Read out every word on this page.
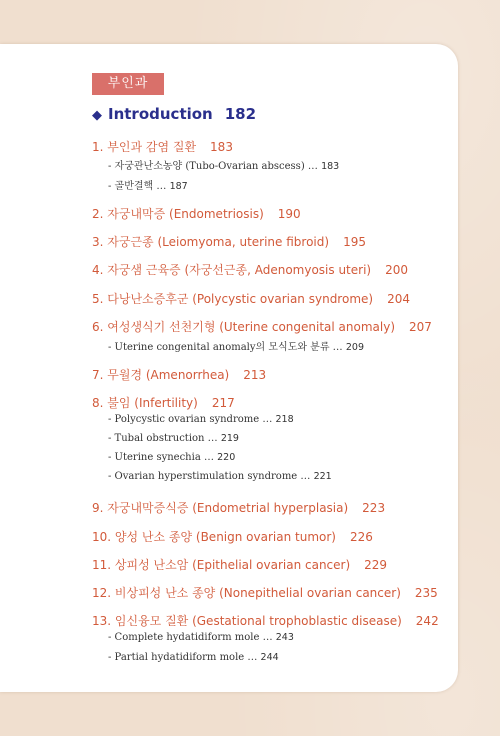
부인과
◆ Introduction 182
1. 부인과 감염 질환 183
- 자궁관난소농양 (Tubo-Ovarian abscess) … 183
- 골반결핵 … 187
2. 자궁내막증 (Endometriosis) 190
3. 자궁근종 (Leiomyoma, uterine fibroid) 195
4. 자궁샘 근육증 (자궁선근종, Adenomyosis uteri) 200
5. 다낭난소증후군 (Polycystic ovarian syndrome) 204
6. 여성생식기 선천기형 (Uterine congenital anomaly) 207
- Uterine congenital anomaly의 모식도와 분류 … 209
7. 무월경 (Amenorrhea) 213
8. 불임 (Infertility) 217
- Polycystic ovarian syndrome … 218
- Tubal obstruction … 219
- Uterine synechia … 220
- Ovarian hyperstimulation syndrome … 221
9. 자궁내막증식증 (Endometrial hyperplasia) 223
10. 양성 난소 종양 (Benign ovarian tumor) 226
11. 상피성 난소암 (Epithelial ovarian cancer) 229
12. 비상피성 난소 종양 (Nonepithelial ovarian cancer) 235
13. 임신융모 질환 (Gestational trophoblastic disease) 242
- Complete hydatidiform mole … 243
- Partial hydatidiform mole … 244
